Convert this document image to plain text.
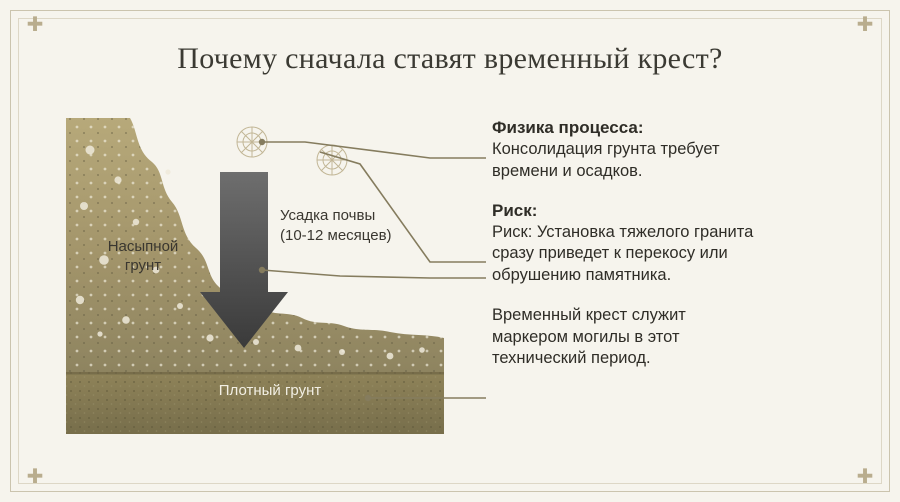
✚	✚
✚	✚
Почему сначала ставят временный крест?
Насыпной
грунт
Плотный грунт
Усадка почвы
(10-12 месяцев)
Физика процесса:

Консолидация грунта требует
времени и осадков.

Риск:

Риск: Установка тяжелого гранита
сразу приведет к перекосу или
обрушению памятника.

Временный крест служит
маркером могилы в этот
технический период.
